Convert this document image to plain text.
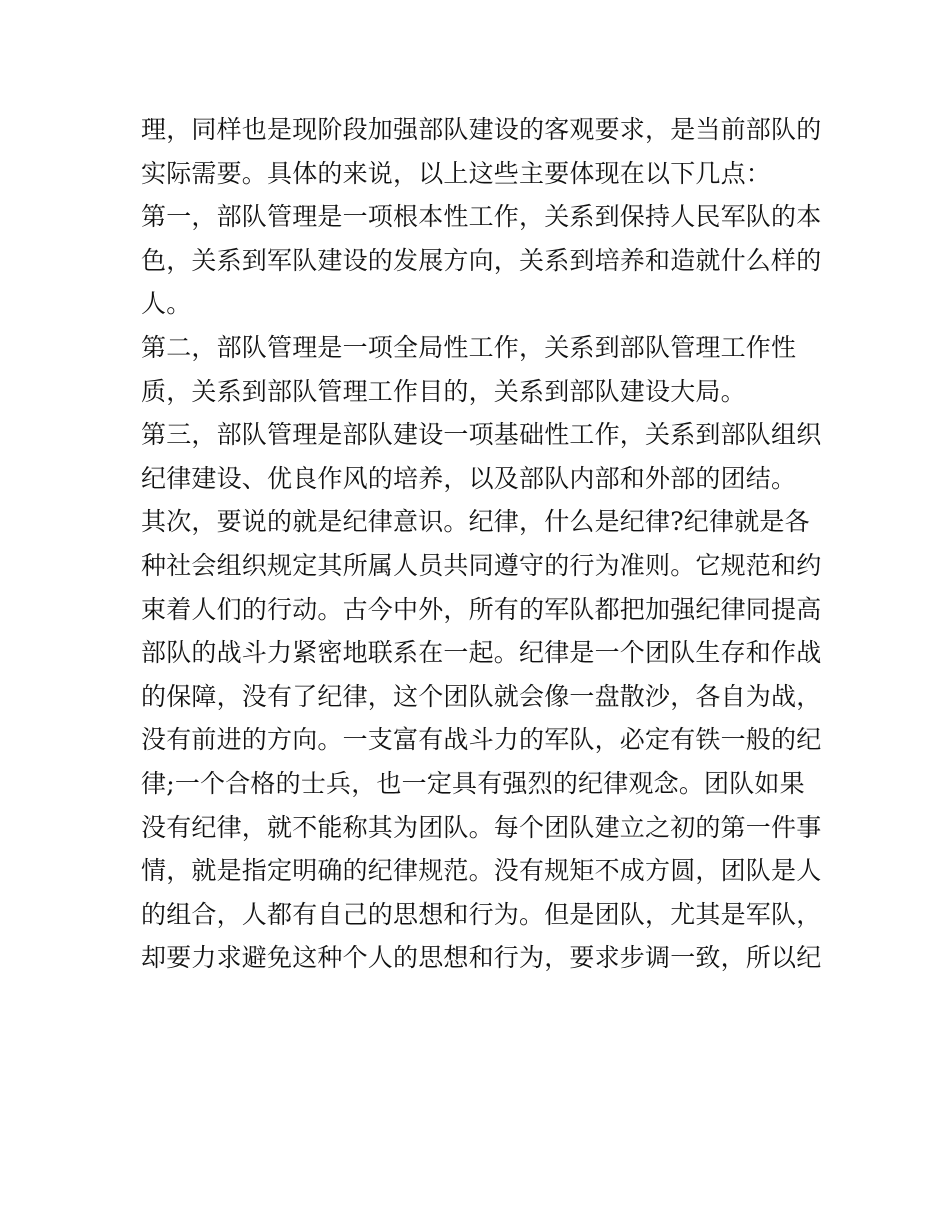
理，同样也是现阶段加强部队建设的客观要求，是当前部队的
实际需要。具体的来说，以上这些主要体现在以下几点：
第一，部队管理是一项根本性工作，关系到保持人民军队的本
色，关系到军队建设的发展方向，关系到培养和造就什么样的
人。
第二，部队管理是一项全局性工作，关系到部队管理工作性
质，关系到部队管理工作目的，关系到部队建设大局。
第三，部队管理是部队建设一项基础性工作，关系到部队组织
纪律建设、优良作风的培养，以及部队内部和外部的团结。
其次，要说的就是纪律意识。纪律，什么是纪律?纪律就是各
种社会组织规定其所属人员共同遵守的行为准则。它规范和约
束着人们的行动。古今中外，所有的军队都把加强纪律同提高
部队的战斗力紧密地联系在一起。纪律是一个团队生存和作战
的保障，没有了纪律，这个团队就会像一盘散沙，各自为战，
没有前进的方向。一支富有战斗力的军队，必定有铁一般的纪
律;一个合格的士兵，也一定具有强烈的纪律观念。团队如果
没有纪律，就不能称其为团队。每个团队建立之初的第一件事
情，就是指定明确的纪律规范。没有规矩不成方圆，团队是人
的组合，人都有自己的思想和行为。但是团队，尤其是军队，
却要力求避免这种个人的思想和行为，要求步调一致，所以纪
